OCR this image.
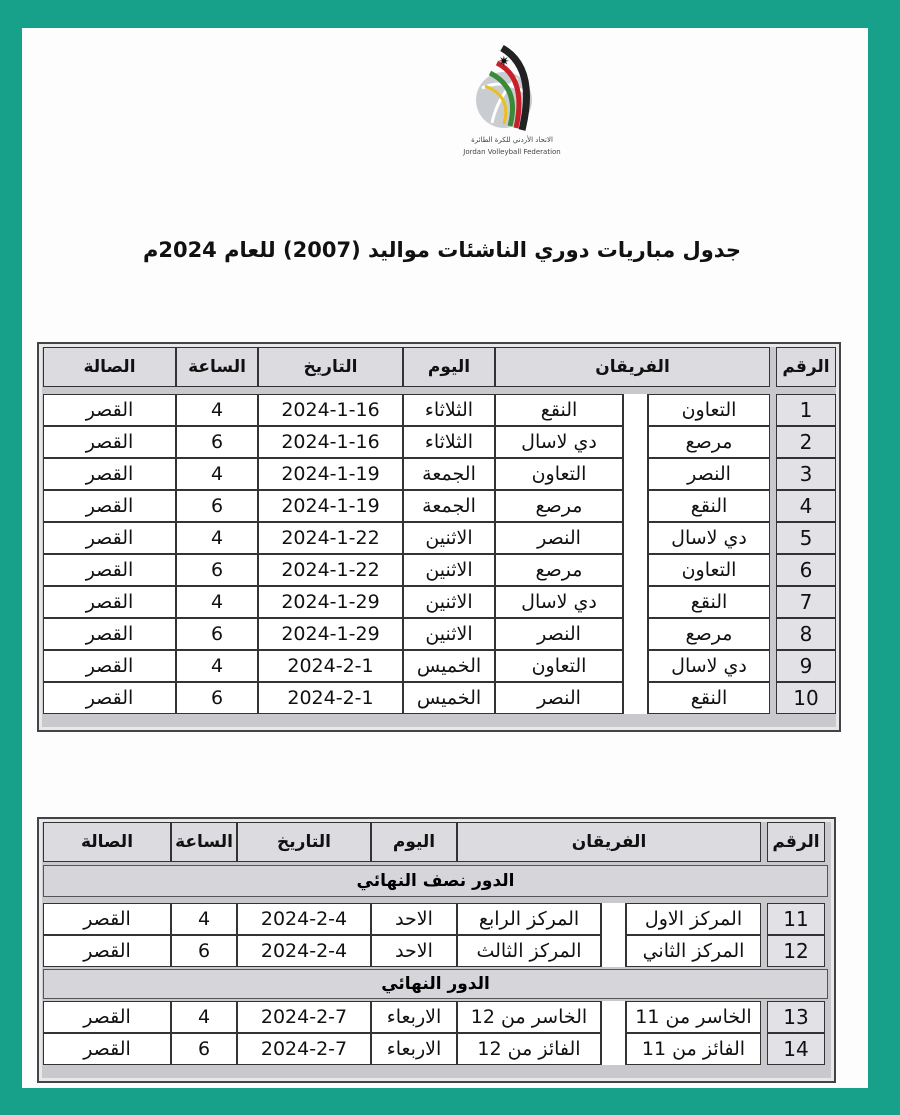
✷
الاتحاد الأردني للكرة الطائرة
Jordan Volleyball Federation
جدول مباريات دوري الناشئات مواليد (2007) للعام 2024م
الصالة	الساعة	التاريخ	اليوم	الفريقان	الرقم
القصر	4	2024-1-16	الثلاثاء	النقع	التعاون	1
القصر	6	2024-1-16	الثلاثاء	دي لاسال	مرصع	2
القصر	4	2024-1-19	الجمعة	التعاون	النصر	3
القصر	6	2024-1-19	الجمعة	مرصع	النقع	4
القصر	4	2024-1-22	الاثنين	النصر	دي لاسال	5
القصر	6	2024-1-22	الاثنين	مرصع	التعاون	6
القصر	4	2024-1-29	الاثنين	دي لاسال	النقع	7
القصر	6	2024-1-29	الاثنين	النصر	مرصع	8
القصر	4	2024-2-1	الخميس	التعاون	دي لاسال	9
القصر	6	2024-2-1	الخميس	النصر	النقع	10
الصالة	الساعة	التاريخ	اليوم	الفريقان	الرقم
الدور نصف النهائي
القصر	4	2024-2-4	الاحد	المركز الرابع	المركز الاول	11
القصر	6	2024-2-4	الاحد	المركز الثالث	المركز الثاني	12
الدور النهائي
القصر	4	2024-2-7	الاربعاء	الخاسر من 12	الخاسر من 11	13
القصر	6	2024-2-7	الاربعاء	الفائز من 12	الفائز من 11	14
